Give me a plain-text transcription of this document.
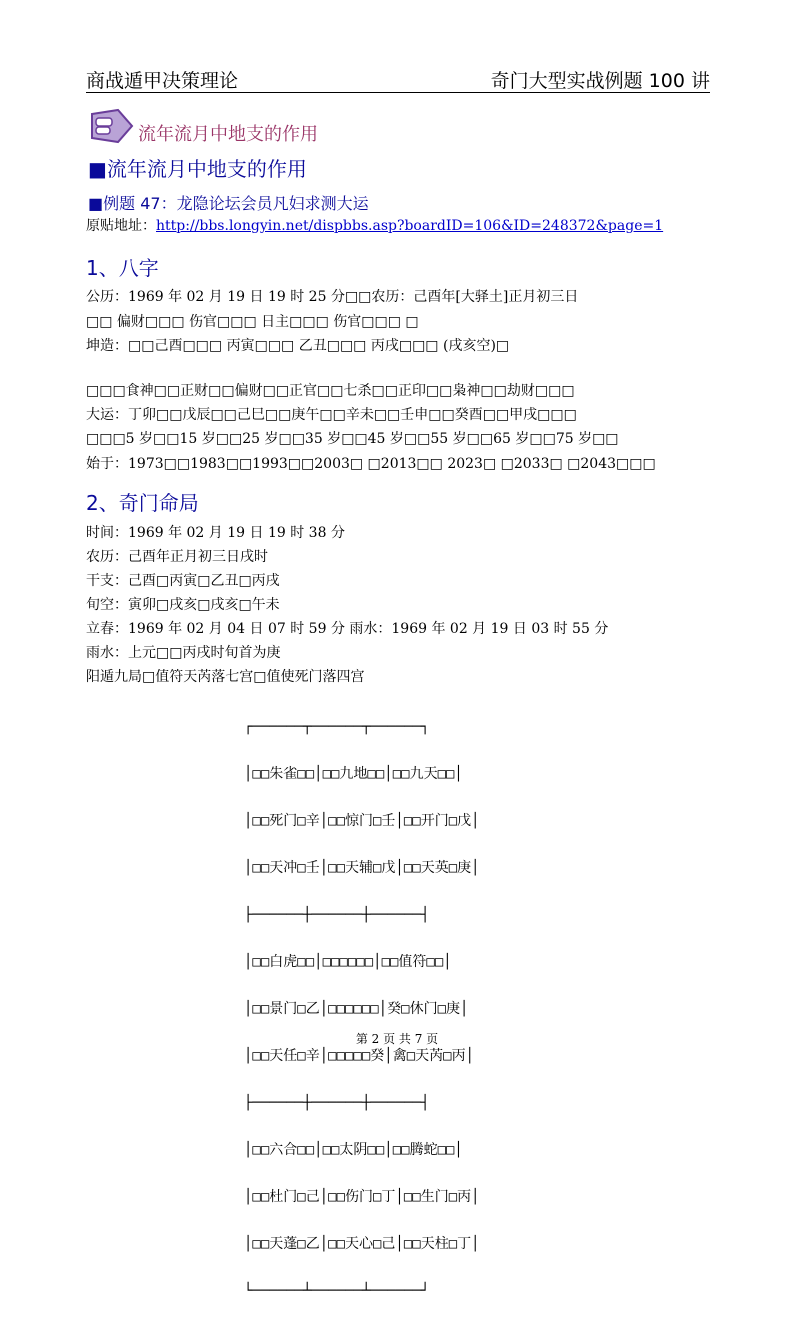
商战遁甲决策理论	奇门大型实战例题 100 讲
流年流月中地支的作用
■流年流月中地支的作用
■例题 47：龙隐论坛会员凡妇求测大运
原贴地址：http://bbs.longyin.net/dispbbs.asp?boardID=106&ID=248372&page=1
1、八字
公历：1969 年 02 月 19 日 19 时 25 分□□农历：己酉年[大驿土]正月初三日
□□ 偏财□□□ 伤官□□□ 日主□□□ 伤官□□□ □
坤造：□□己酉□□□ 丙寅□□□ 乙丑□□□ 丙戌□□□ (戌亥空)□
□□□食神□□正财□□偏财□□正官□□七杀□□正印□□枭神□□劫财□□□
大运：丁卯□□戊辰□□己巳□□庚午□□辛未□□壬申□□癸酉□□甲戌□□□
□□□5 岁□□15 岁□□25 岁□□35 岁□□45 岁□□55 岁□□65 岁□□75 岁□□
始于：1973□□1983□□1993□□2003□ □2013□□ 2023□ □2033□ □2043□□□
2、奇门命局
时间：1969 年 02 月 19 日 19 时 38 分
农历：己酉年正月初三日戌时
干支：己酉□丙寅□乙丑□丙戌
旬空：寅卯□戌亥□戌亥□午未
立春：1969 年 02 月 04 日 07 时 59 分 雨水：1969 年 02 月 19 日 03 时 55 分
雨水：上元□□丙戌时旬首为庚
阳遁九局□值符天芮落七宫□值使死门落四宫

┌──────┬──────┬──────┐

│□□朱雀□□│□□九地□□│□□九天□□│

│□□死门□辛│□□惊门□壬│□□开门□戊│

│□□天冲□壬│□□天辅□戊│□□天英□庚│

├──────┼──────┼──────┤

│□□白虎□□│□□□□□□│□□值符□□│

│□□景门□乙│□□□□□□│癸□休门□庚│

│□□天任□辛│□□□□□癸│禽□天芮□丙│

├──────┼──────┼──────┤

│□□六合□□│□□太阴□□│□□腾蛇□□│

│□□杜门□己│□□伤门□丁│□□生门□丙│

│□□天蓬□乙│□□天心□己│□□天柱□丁│

└──────┴──────┴──────┘

第 2 页 共 7 页
